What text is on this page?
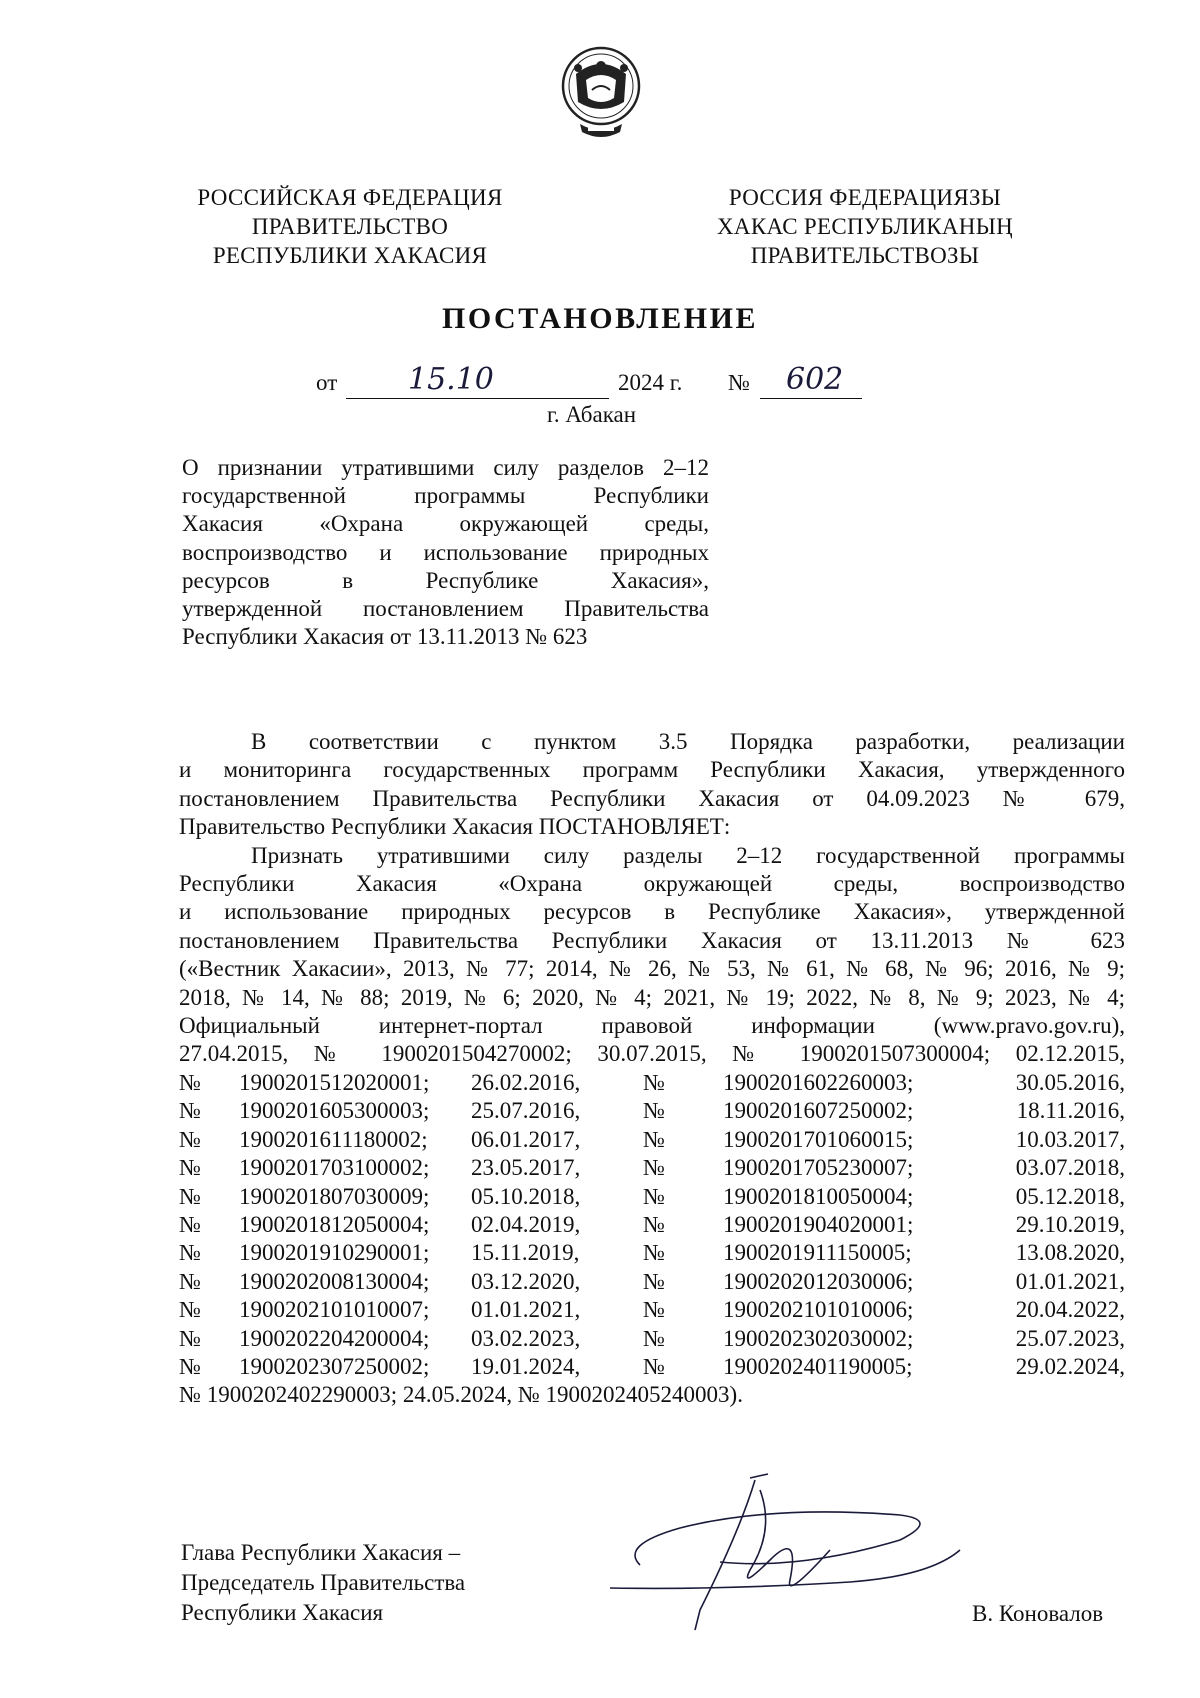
РОССИЙСКАЯ ФЕДЕРАЦИЯ
ПРАВИТЕЛЬСТВО
РЕСПУБЛИКИ ХАКАСИЯ
РОССИЯ ФЕДЕРАЦИЯЗЫ
ХАКАС РЕСПУБЛИКАНЫҢ
ПРАВИТЕЛЬСТВОЗЫ
ПОСТАНОВЛЕНИЕ
от 15.10	2024 г. № 602
г. Абакан
О признании утратившими силу разделов 2–12
государственной программы Республики
Хакасия «Охрана окружающей среды,
воспроизводство и использование природных
ресурсов в Республике Хакасия»,
утвержденной постановлением Правительства
Республики Хакасия от 13.11.2013 № 623
В соответствии с пунктом 3.5 Порядка разработки, реализации
и мониторинга государственных программ Республики Хакасия, утвержденного
постановлением Правительства Республики Хакасия от 04.09.2023 № 679,
Правительство Республики Хакасия ПОСТАНОВЛЯЕТ:
Признать утратившими силу разделы 2–12 государственной программы
Республики Хакасия «Охрана окружающей среды, воспроизводство
и использование природных ресурсов в Республике Хакасия», утвержденной
постановлением Правительства Республики Хакасия от 13.11.2013 № 623
(«Вестник Хакасии», 2013, № 77; 2014, № 26, № 53, № 61, № 68, № 96; 2016, № 9;
2018, № 14, № 88; 2019, № 6; 2020, № 4; 2021, № 19; 2022, № 8, № 9; 2023, № 4;
Официальный интернет-портал правовой информации (www.pravo.gov.ru),
27.04.2015, № 1900201504270002; 30.07.2015, № 1900201507300004; 02.12.2015,
№	1900201512020001;	26.02.2016,	№	1900201602260003;	30.05.2016,
№	1900201605300003;	25.07.2016,	№	1900201607250002;	18.11.2016,
№	1900201611180002;	06.01.2017,	№	1900201701060015;	10.03.2017,
№	1900201703100002;	23.05.2017,	№	1900201705230007;	03.07.2018,
№	1900201807030009;	05.10.2018,	№	1900201810050004;	05.12.2018,
№	1900201812050004;	02.04.2019,	№	1900201904020001;	29.10.2019,
№	1900201910290001;	15.11.2019,	№	1900201911150005;	13.08.2020,
№	1900202008130004;	03.12.2020,	№	1900202012030006;	01.01.2021,
№	1900202101010007;	01.01.2021,	№	1900202101010006;	20.04.2022,
№	1900202204200004;	03.02.2023,	№	1900202302030002;	25.07.2023,
№	1900202307250002;	19.01.2024,	№	1900202401190005;	29.02.2024,
№ 1900202402290003; 24.05.2024, № 1900202405240003).
Глава Республики Хакасия –
Председатель Правительства
Республики Хакасия	В. Коновалов
